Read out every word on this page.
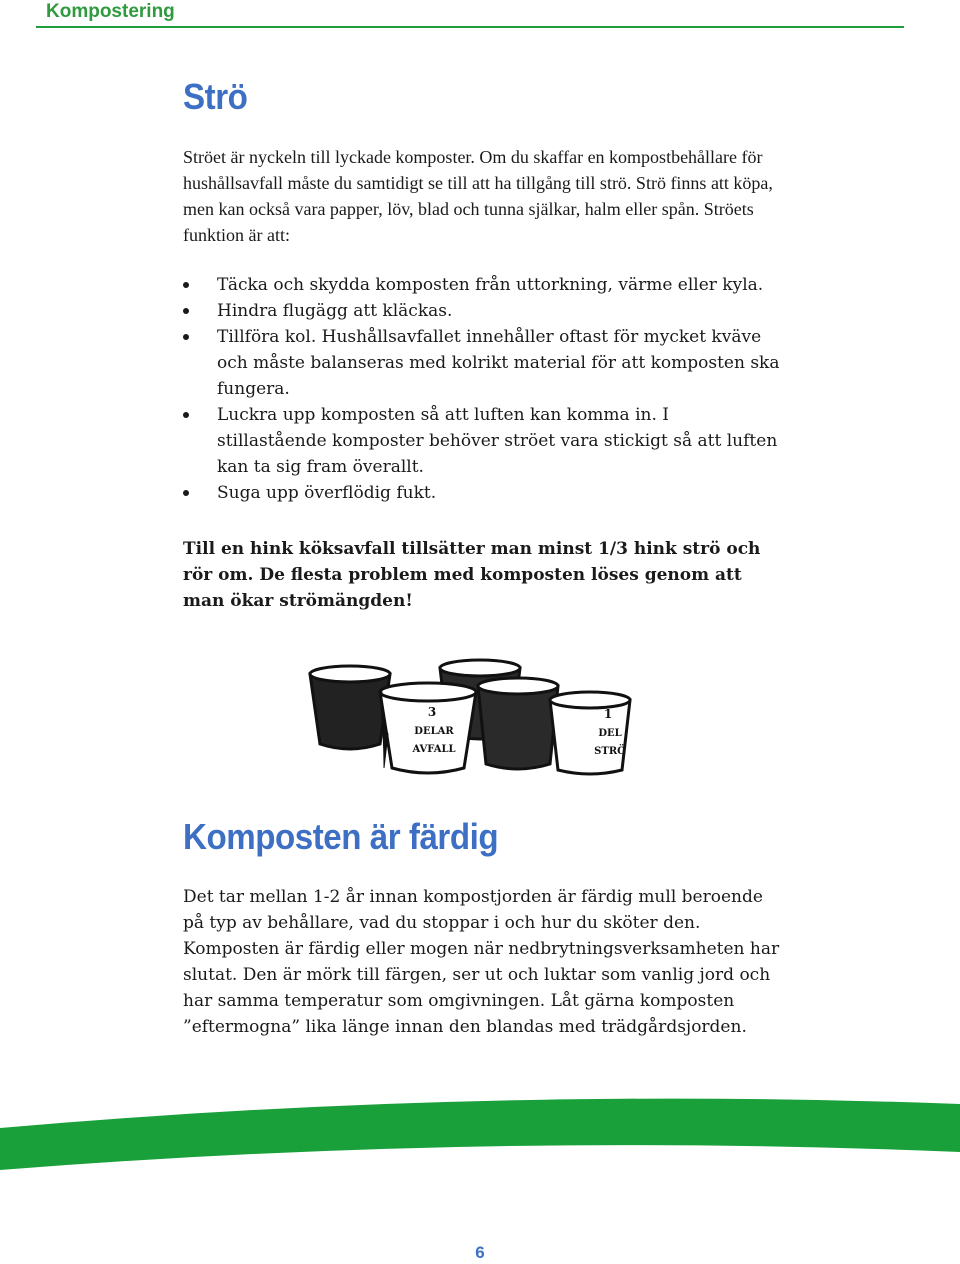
Kompostering
Strö

Ströet är nyckeln till lyckade komposter. Om du skaffar en kompostbehållare för hushållsavfall måste du samtidigt se till att ha tillgång till strö. Strö finns att köpa, men kan också vara papper, löv, blad och tunna själkar, halm eller spån. Ströets funktion är att:

Täcka och skydda komposten från uttorkning, värme eller kyla.
Hindra flugägg att kläckas.
Tillföra kol. Hushållsavfallet innehåller oftast för mycket kväve och måste balanseras med kolrikt material för att komposten ska fungera.
Luckra upp komposten så att luften kan komma in. I stillastående komposter behöver ströet vara stickigt så att luften kan ta sig fram överallt.
Suga upp överflödig fukt.

Till en hink köksavfall tillsätter man minst 1/3 hink strö och rör om. De flesta problem med komposten löses genom att man ökar strömängden!

Komposten är färdig

Det tar mellan 1-2 år innan kompostjorden är färdig mull beroende på typ av behållare, vad du stoppar i och hur du sköter den. Komposten är färdig eller mogen när nedbrytningsverksamheten har slutat. Den är mörk till färgen, ser ut och luktar som vanlig jord och har samma temperatur som omgivningen. Låt gärna komposten ”eftermogna” lika länge innan den blandas med trädgårdsjorden.

3
DELAR
AVFALL
1
DEL
STRÖ
6
